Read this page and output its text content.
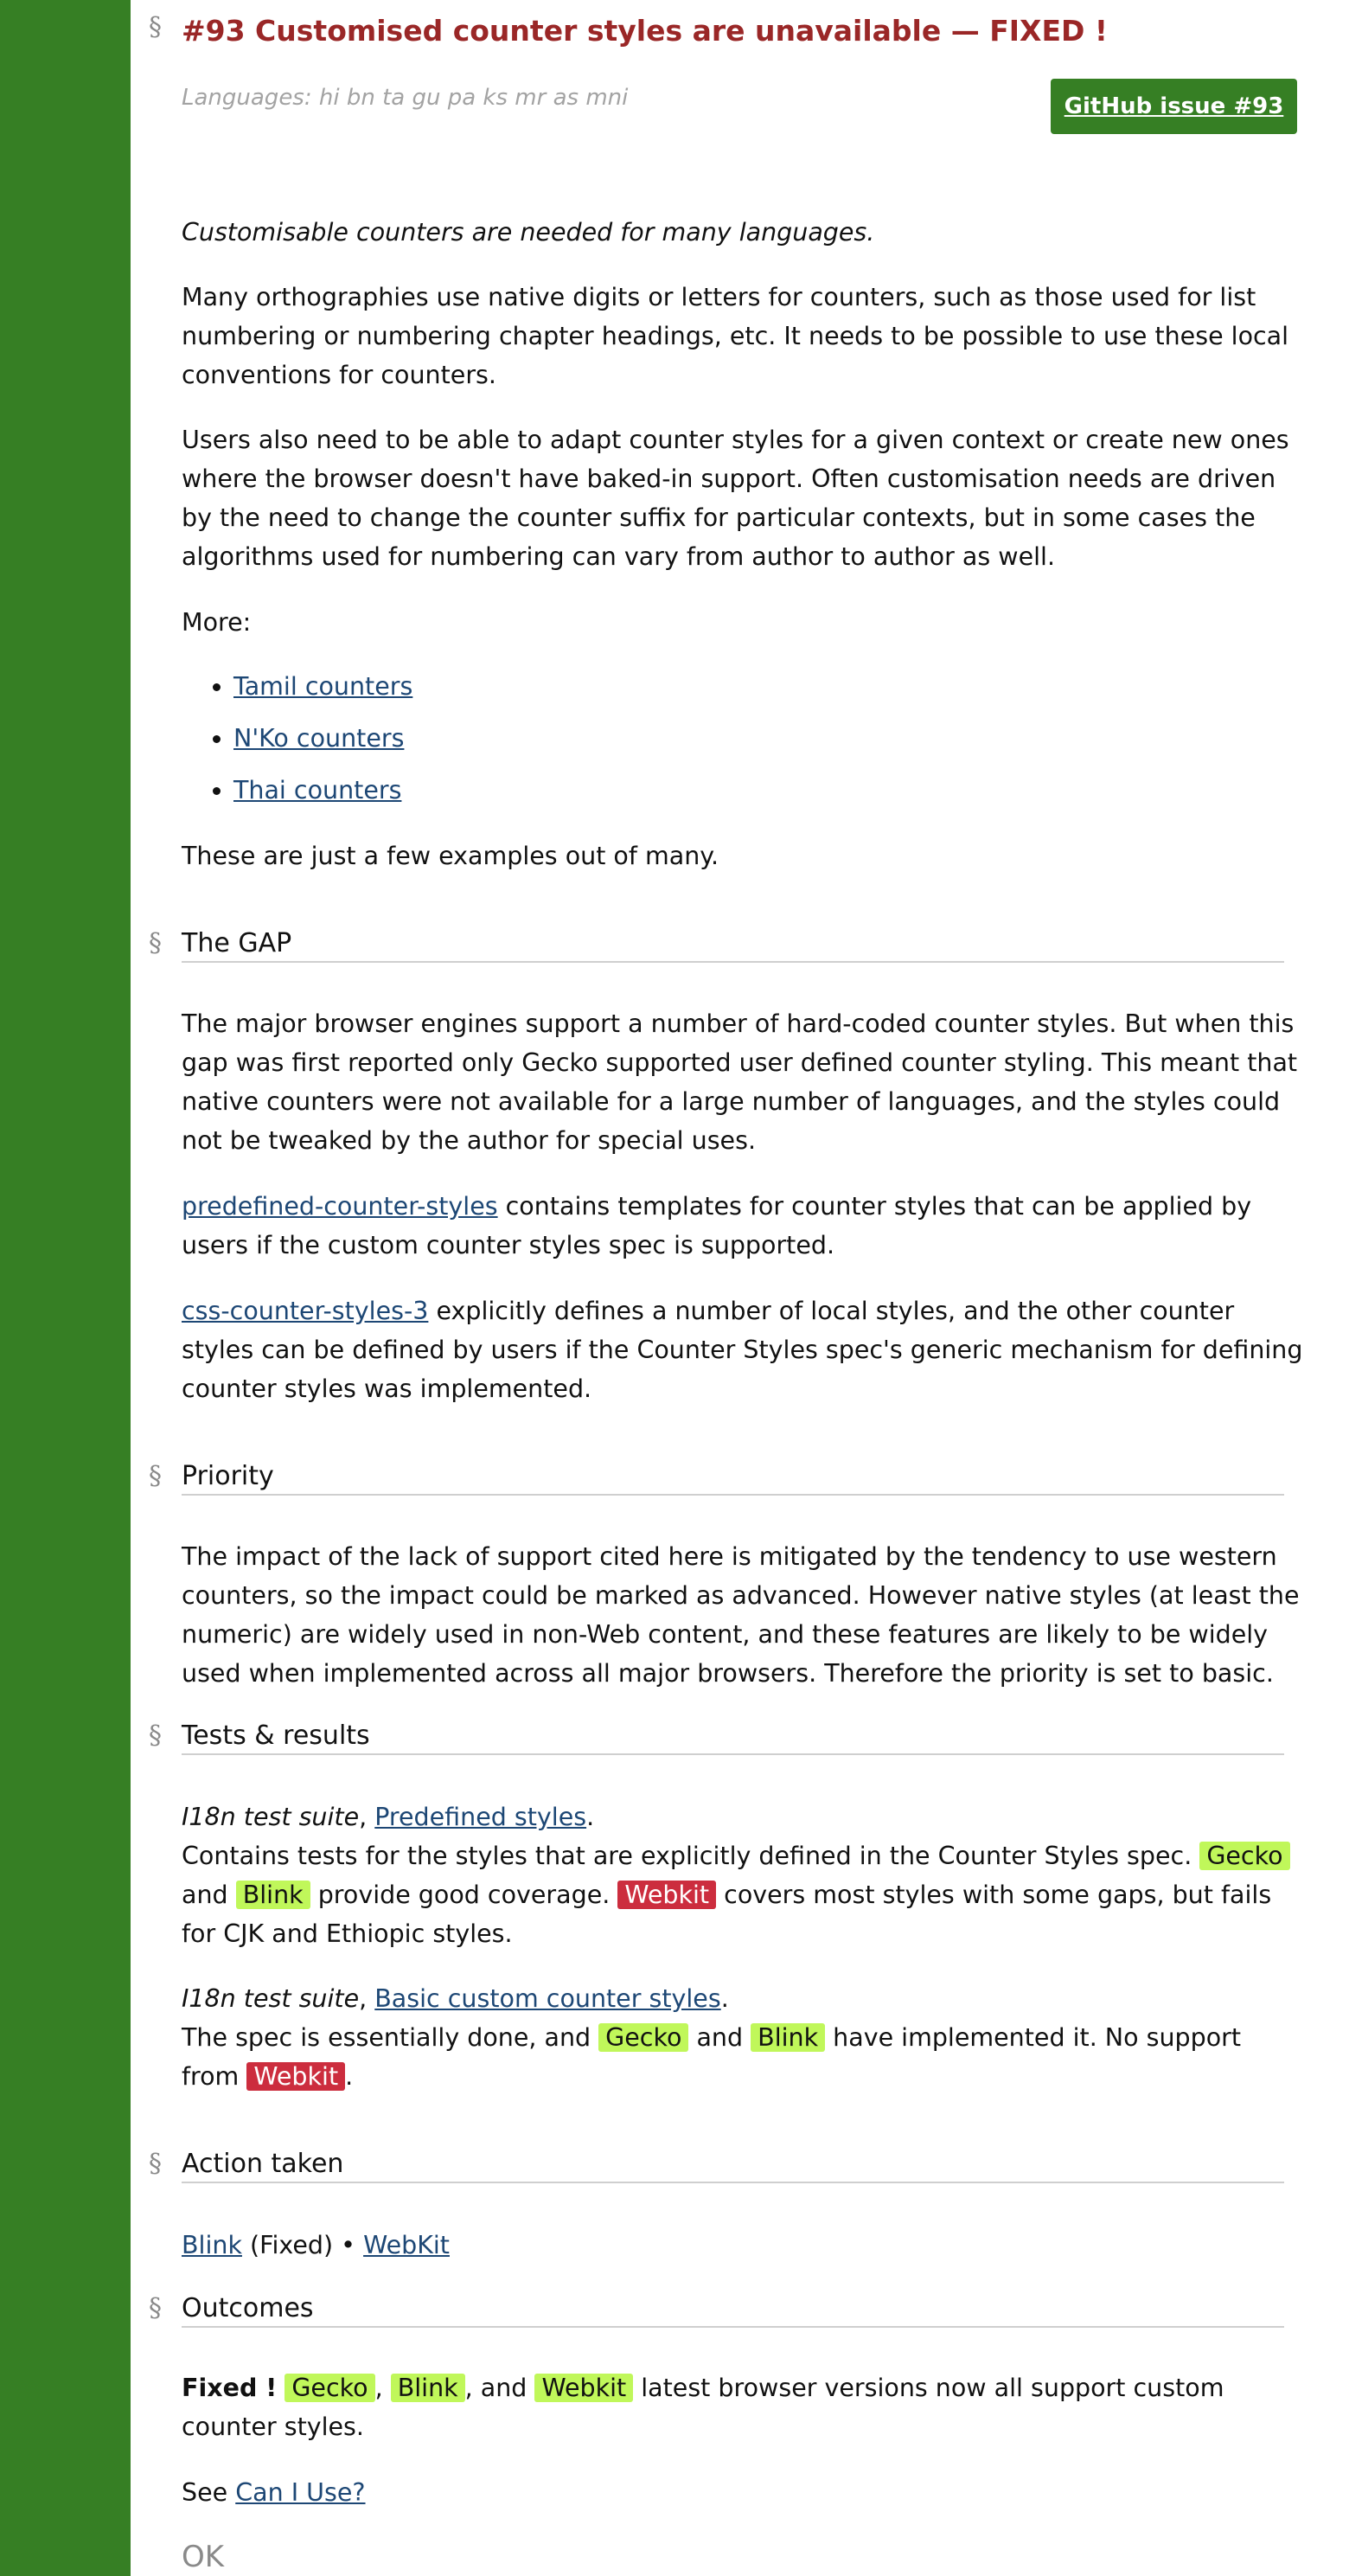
§ #93 Customised counter styles are unavailable — FIXED !
Languages: hi bn ta gu pa ks mr as mni	GitHub issue #93

Customisable counters are needed for many languages.

Many orthographies use native digits or letters for counters, such as those used for list numbering or numbering chapter headings, etc. It needs to be possible to use these local conventions for counters.

Users also need to be able to adapt counter styles for a given context or create new ones where the browser doesn't have baked-in support. Often customisation needs are driven by the need to change the counter suffix for particular contexts, but in some cases the algorithms used for numbering can vary from author to author as well.

More:

• Tamil counters
• N'Ko counters
• Thai counters

These are just a few examples out of many.

§ The GAP

The major browser engines support a number of hard-coded counter styles. But when this gap was first reported only Gecko supported user defined counter styling. This meant that native counters were not available for a large number of languages, and the styles could not be tweaked by the author for special uses.

predefined-counter-styles contains templates for counter styles that can be applied by users if the custom counter styles spec is supported.

css-counter-styles-3 explicitly defines a number of local styles, and the other counter styles can be defined by users if the Counter Styles spec's generic mechanism for defining counter styles was implemented.

§ Priority

The impact of the lack of support cited here is mitigated by the tendency to use western counters, so the impact could be marked as advanced. However native styles (at least the numeric) are widely used in non-Web content, and these features are likely to be widely used when implemented across all major browsers. Therefore the priority is set to basic.

§ Tests & results

I18n test suite, Predefined styles.
Contains tests for the styles that are explicitly defined in the Counter Styles spec. Gecko and Blink provide good coverage. Webkit covers most styles with some gaps, but fails for CJK and Ethiopic styles.

I18n test suite, Basic custom counter styles.
The spec is essentially done, and Gecko and Blink have implemented it. No support from Webkit .

§ Action taken

Blink (Fixed) • WebKit

§ Outcomes

Fixed ! Gecko , Blink , and Webkit latest browser versions now all support custom counter styles.

See Can I Use?

OK
